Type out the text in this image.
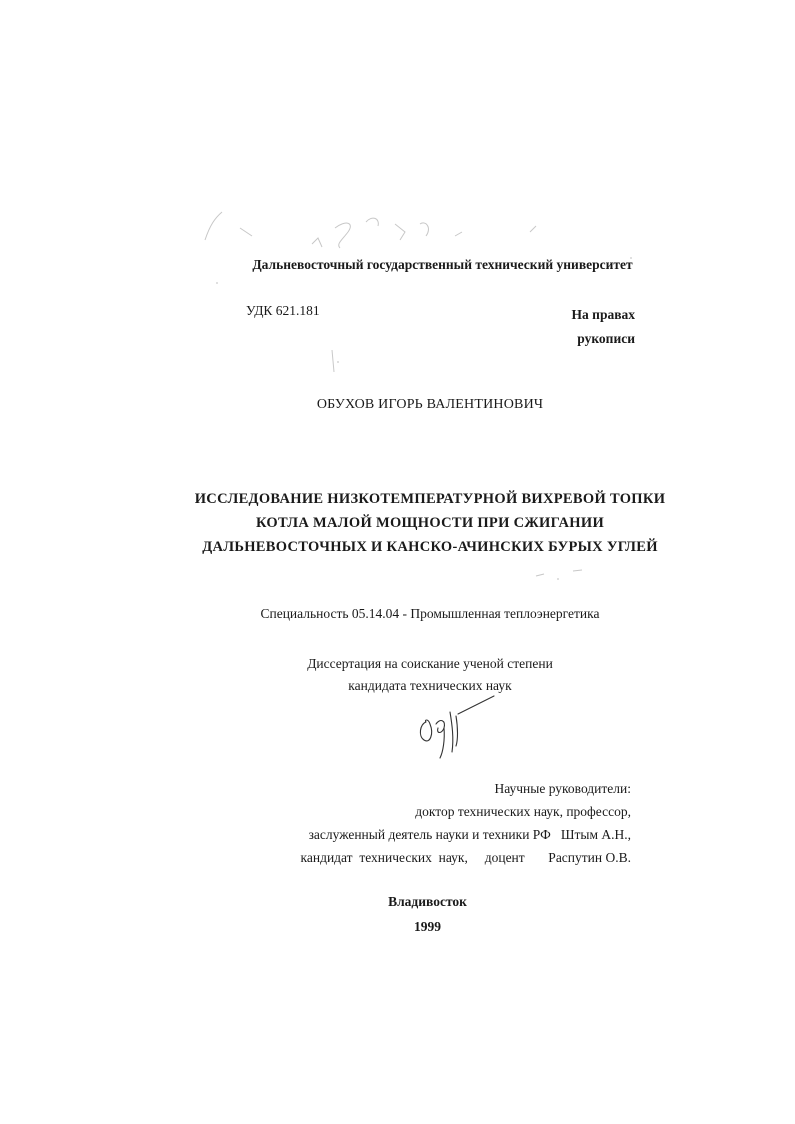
Дальневосточный государственный технический университет
УДК 621.181	На правах
рукописи
ОБУХОВ ИГОРЬ ВАЛЕНТИНОВИЧ
ИССЛЕДОВАНИЕ НИЗКОТЕМПЕРАТУРНОЙ ВИХРЕВОЙ ТОПКИ
КОТЛА МАЛОЙ МОЩНОСТИ ПРИ СЖИГАНИИ
ДАЛЬНЕВОСТОЧНЫХ И КАНСКО-АЧИНСКИХ БУРЫХ УГЛЕЙ
Специальность 05.14.04 - Промышленная теплоэнергетика
Диссертация на соискание ученой степени
кандидата технических наук
Научные руководители:
доктор технических наук, профессор,
заслуженный деятель науки и техники РФ   Штым А.Н.,
кандидат  технических  наук,     доцент       Распутин О.В.
Владивосток
1999
